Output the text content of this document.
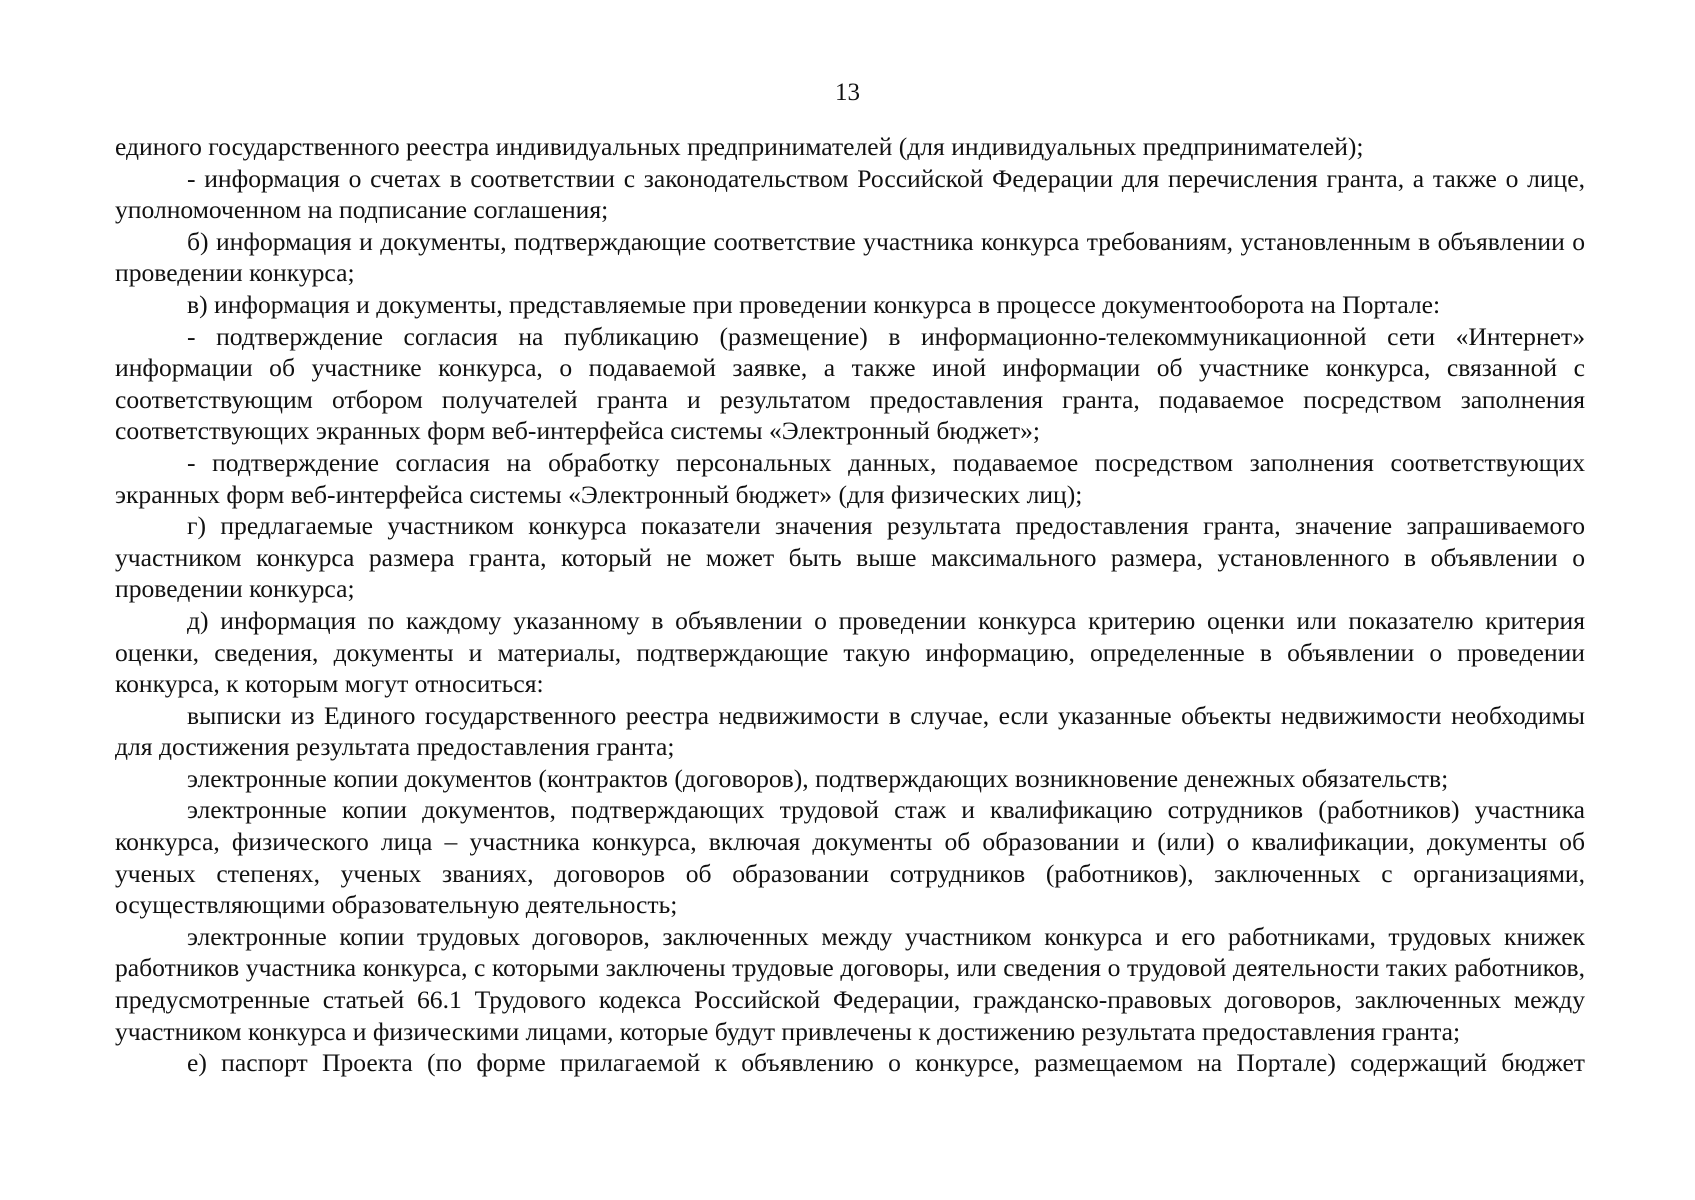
13

единого государственного реестра индивидуальных предпринимателей (для индивидуальных предпринимателей);

- информация о счетах в соответствии с законодательством Российской Федерации для перечисления гранта, а также о лице, уполномоченном на подписание соглашения;

б) информация и документы, подтверждающие соответствие участника конкурса требованиям, установленным в объявлении о проведении конкурса;

в) информация и документы, представляемые при проведении конкурса в процессе документооборота на Портале:

- подтверждение согласия на публикацию (размещение) в информационно-телекоммуникационной сети «Интернет» информации об участнике конкурса, о подаваемой заявке, а также иной информации об участнике конкурса, связанной с соответствующим отбором получателей гранта и результатом предоставления гранта, подаваемое посредством заполнения соответствующих экранных форм веб-интерфейса системы «Электронный бюджет»;

- подтверждение согласия на обработку персональных данных, подаваемое посредством заполнения соответствующих экранных форм веб-интерфейса системы «Электронный бюджет» (для физических лиц);

г) предлагаемые участником конкурса показатели значения результата предоставления гранта, значение запрашиваемого участником конкурса размера гранта, который не может быть выше максимального размера, установленного в объявлении о проведении конкурса;

д) информация по каждому указанному в объявлении о проведении конкурса критерию оценки или показателю критерия оценки, сведения, документы и материалы, подтверждающие такую информацию, определенные в объявлении о проведении конкурса, к которым могут относиться:

выписки из Единого государственного реестра недвижимости в случае, если указанные объекты недвижимости необходимы для достижения результата предоставления гранта;

электронные копии документов (контрактов (договоров), подтверждающих возникновение денежных обязательств;

электронные копии документов, подтверждающих трудовой стаж и квалификацию сотрудников (работников) участника конкурса, физического лица – участника конкурса, включая документы об образовании и (или) о квалификации, документы об ученых степенях, ученых званиях, договоров об образовании сотрудников (работников), заключенных с организациями, осуществляющими образовательную деятельность;

электронные копии трудовых договоров, заключенных между участником конкурса и его работниками, трудовых книжек работников участника конкурса, с которыми заключены трудовые договоры, или сведения о трудовой деятельности таких работников, предусмотренные статьей 66.1 Трудового кодекса Российской Федерации, гражданско-правовых договоров, заключенных между участником конкурса и физическими лицами, которые будут привлечены к достижению результата предоставления гранта;

е) паспорт Проекта (по форме прилагаемой к объявлению о конкурсе, размещаемом на Портале) содержащий бюджет
